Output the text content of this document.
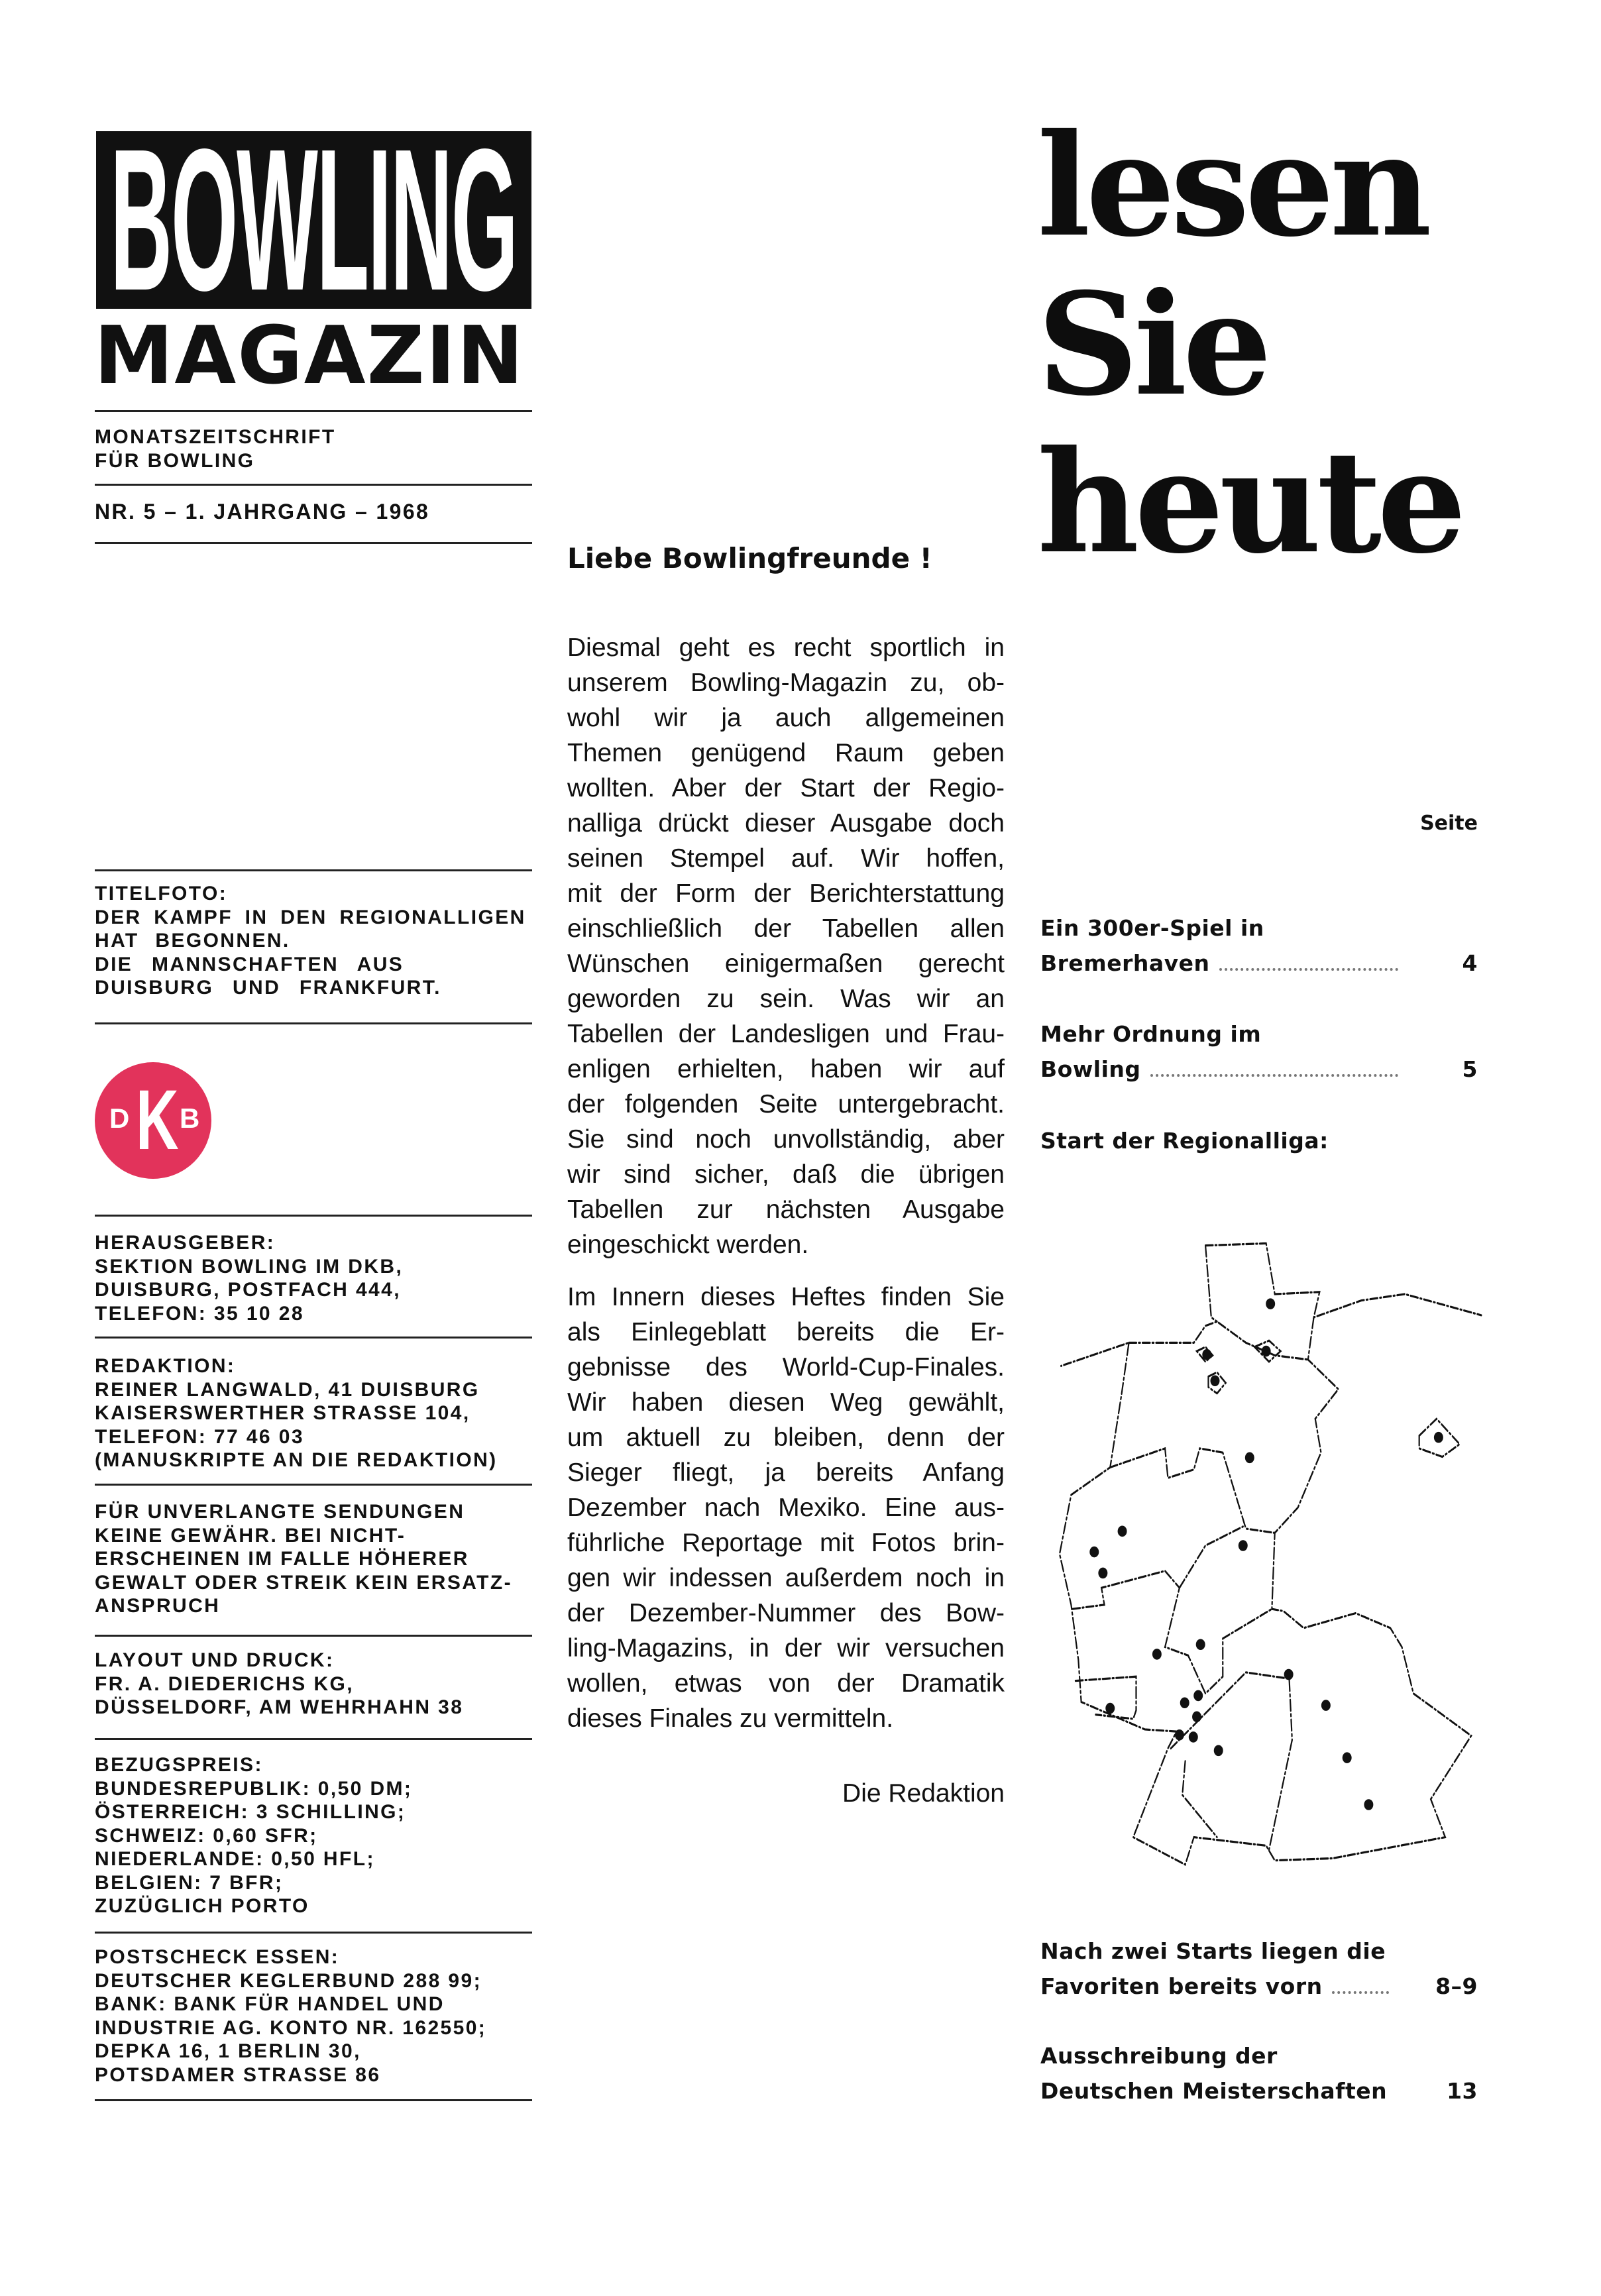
BOWLING
MAGAZIN
MONATSZEITSCHRIFT
FÜR BOWLING
NR. 5 – 1. JAHRGANG – 1968
TITELFOTO:
DER KAMPF IN DEN REGIONALLIGEN
HAT BEGONNEN.
DIE MANNSCHAFTEN AUS
DUISBURG UND FRANKFURT.
D K B
HERAUSGEBER:
SEKTION BOWLING IM DKB,
DUISBURG, POSTFACH 444,
TELEFON: 35 10 28
REDAKTION:
REINER LANGWALD, 41 DUISBURG
KAISERSWERTHER STRASSE 104,
TELEFON: 77 46 03
(MANUSKRIPTE AN DIE REDAKTION)
FÜR UNVERLANGTE SENDUNGEN
KEINE GEWÄHR. BEI NICHT-
ERSCHEINEN IM FALLE HÖHERER
GEWALT ODER STREIK KEIN ERSATZ-
ANSPRUCH
LAYOUT UND DRUCK:
FR. A. DIEDERICHS KG,
DÜSSELDORF, AM WEHRHAHN 38
BEZUGSPREIS:
BUNDESREPUBLIK: 0,50 DM;
ÖSTERREICH: 3 SCHILLING;
SCHWEIZ: 0,60 SFR;
NIEDERLANDE: 0,50 HFL;
BELGIEN: 7 BFR;
ZUZÜGLICH PORTO
POSTSCHECK ESSEN:
DEUTSCHER KEGLERBUND 288 99;
BANK: BANK FÜR HANDEL UND
INDUSTRIE AG. KONTO NR. 162550;
DEPKA 16, 1 BERLIN 30,
POTSDAMER STRASSE 86
Liebe Bowlingfreunde !
Diesmal geht es recht sportlich in
unserem Bowling-Magazin zu, ob-
wohl wir ja auch allgemeinen
Themen genügend Raum geben
wollten. Aber der Start der Regio-
nalliga drückt dieser Ausgabe doch
seinen Stempel auf. Wir hoffen,
mit der Form der Berichterstattung
einschließlich der Tabellen allen
Wünschen einigermaßen gerecht
geworden zu sein. Was wir an
Tabellen der Landesligen und Frau-
enligen erhielten, haben wir auf
der folgenden Seite untergebracht.
Sie sind noch unvollständig, aber
wir sind sicher, daß die übrigen
Tabellen zur nächsten Ausgabe
eingeschickt werden.
Im Innern dieses Heftes finden Sie
als Einlegeblatt bereits die Er-
gebnisse des World-Cup-Finales.
Wir haben diesen Weg gewählt,
um aktuell zu bleiben, denn der
Sieger fliegt, ja bereits Anfang
Dezember nach Mexiko. Eine aus-
führliche Reportage mit Fotos brin-
gen wir indessen außerdem noch in
der Dezember-Nummer des Bow-
ling-Magazins, in der wir versuchen
wollen, etwas von der Dramatik
dieses Finales zu vermitteln.
Die Redaktion
lesen
Sie
heute
Seite
Ein 300er-Spiel in
Bremerhaven	4
Mehr Ordnung im
Bowling	5
Start der Regionalliga:
Nach zwei Starts liegen die
Favoriten bereits vorn	8–9
Ausschreibung der
Deutschen Meisterschaften	13
